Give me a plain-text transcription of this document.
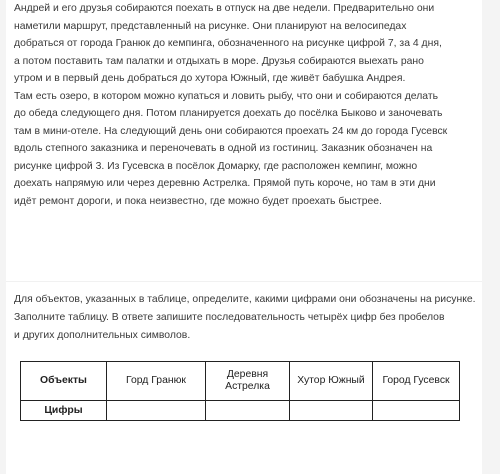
Андрей и его друзья собираются поехать в отпуск на две недели. Предварительно они
наметили маршрут, представленный на рисунке. Они планируют на велосипедах
добраться от города Гранюк до кемпинга, обозначенного на рисунке цифрой 7, за 4 дня,
а потом поставить там палатки и отдыхать в море. Друзья собираются выехать рано
утром и в первый день добраться до хутора Южный, где живёт бабушка Андрея.
Там есть озеро, в котором можно купаться и ловить рыбу, что они и собираются делать
до обеда следующего дня. Потом планируется доехать до посёлка Быково и заночевать
там в мини-отеле. На следующий день они собираются проехать 24 км до города Гусевск
вдоль степного заказника и переночевать в одной из гостиниц. Заказник обозначен на
рисунке цифрой 3. Из Гусевска в посёлок Домарку, где расположен кемпинг, можно
доехать напрямую или через деревню Астрелка. Прямой путь короче, но там в эти дни
идёт ремонт дороги, и пока неизвестно, где можно будет проехать быстрее.
Для объектов, указанных в таблице, определите, какими цифрами они обозначены на рисунке.
Заполните таблицу. В ответе запишите последовательность четырёх цифр без пробелов
и других дополнительных символов.
Объекты	Горд Гранюк	Деревня Астрелка	Хутор Южный	Город Гусевск
Цифры				
